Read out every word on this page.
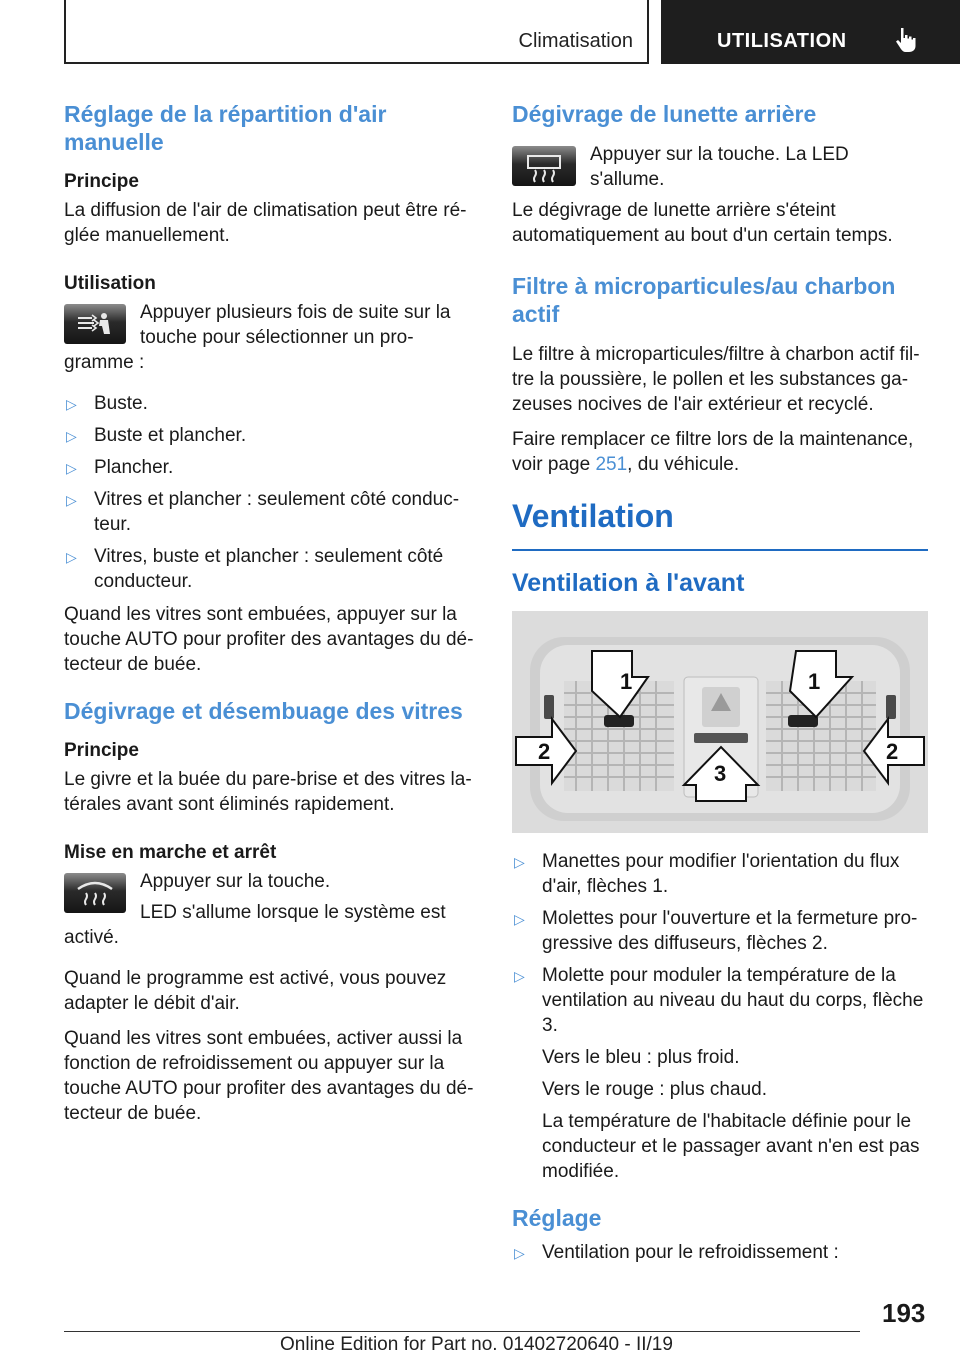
Climatisation	UTILISATION
Réglage de la répartition d'air manuelle
Principe

La diffusion de l'air de climatisation peut être réglée manuellement.

Utilisation

Appuyer plusieurs fois de suite sur la touche pour sélectionner un programme :

▷ Buste.
▷ Buste et plancher.
▷ Plancher.
▷ Vitres et plancher : seulement côté conducteur.
▷ Vitres, buste et plancher : seulement côté conducteur.

Quand les vitres sont embuées, appuyer sur la touche AUTO pour profiter des avantages du détecteur de buée.

Dégivrage et désembuage des vitres
Principe

Le givre et la buée du pare-brise et des vitres latérales avant sont éliminés rapidement.

Mise en marche et arrêt

Appuyer sur la touche.

LED s'allume lorsque le système est activé.

Quand le programme est activé, vous pouvez adapter le débit d'air.

Quand les vitres sont embuées, activer aussi la fonction de refroidissement ou appuyer sur la touche AUTO pour profiter des avantages du détecteur de buée.

Dégivrage de lunette arrière

Appuyer sur la touche. La LED s'allume.

Le dégivrage de lunette arrière s'éteint automatiquement au bout d'un certain temps.

Filtre à microparticules/au charbon actif

Le filtre à microparticules/filtre à charbon actif filtre la poussière, le pollen et les substances gazeuses nocives de l'air extérieur et recyclé.

Faire remplacer ce filtre lors de la maintenance, voir page 251, du véhicule.

Ventilation
Ventilation à l'avant
1	1
2	2
3
▷ Manettes pour modifier l'orientation du flux d'air, flèches 1.
▷ Molettes pour l'ouverture et la fermeture progressive des diffuseurs, flèches 2.
▷ Molette pour moduler la température de la ventilation au niveau du haut du corps, flèche 3.
Vers le bleu : plus froid.
Vers le rouge : plus chaud.
La température de l'habitacle définie pour le conducteur et le passager avant n'en est pas modifiée.
Réglage
▷ Ventilation pour le refroidissement :
193
Online Edition for Part no. 01402720640 - II/19
